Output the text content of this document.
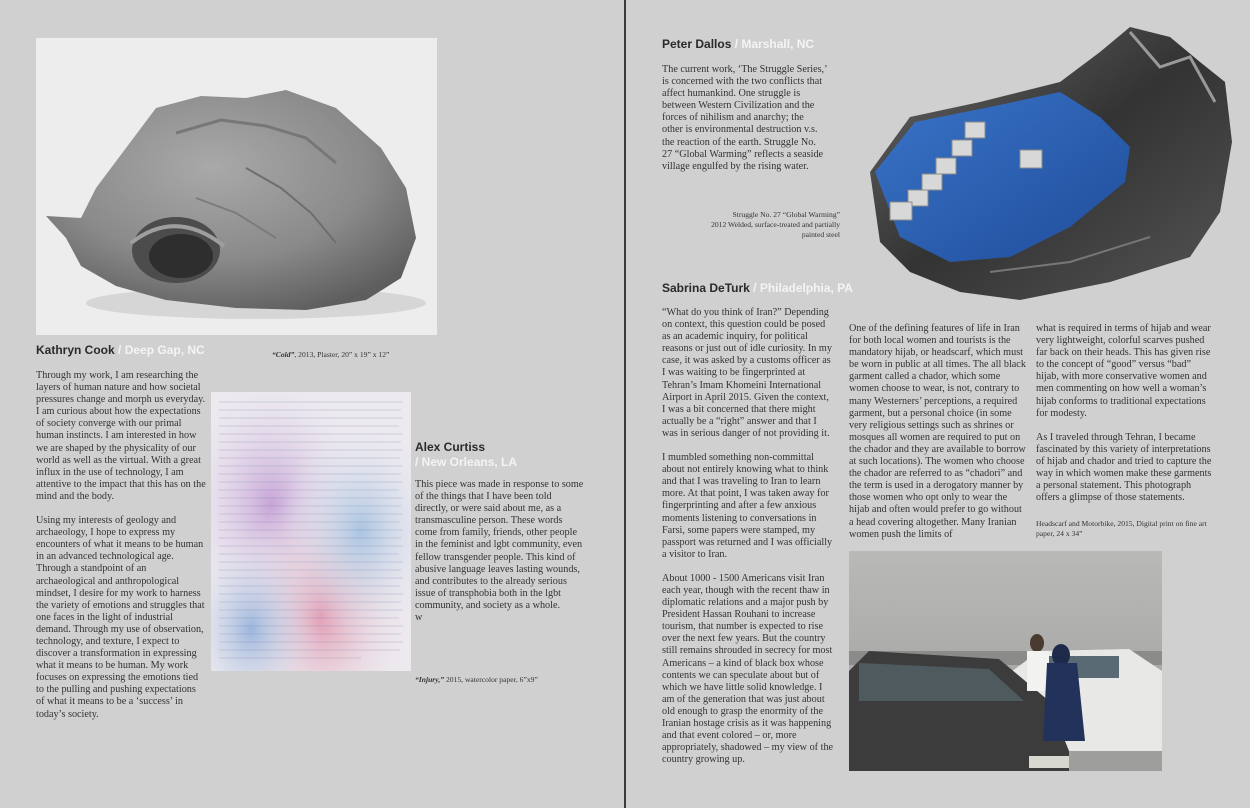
Kathryn Cook / Deep Gap, NC	“Cold”, 2013, Plaster, 20” x 19” x 12”

Through my work, I am researching the layers of human nature and how societal pressures change and morph us everyday. I am curious about how the expectations of society converge with our primal human instincts. I am interested in how we are shaped by the physicality of our world as well as the virtual. With a great influx in the use of technology, I am attentive to the impact that this has on the mind and the body.

Using my interests of geology and archaeology, I hope to express my encounters of what it means to be human in an advanced technological age. Through a standpoint of an archaeological and anthropological mindset, I desire for my work to harness the variety of emotions and struggles that one faces in the light of industrial demand. Through my use of observation, technology, and texture, I expect to discover a transformation in expressing what it means to be human. My work focuses on expressing the emotions tied to the pulling and pushing expectations of what it means to be a ‘success’ in today’s society.

Alex Curtiss
/ New Orleans, LA
This piece was made in response to some of the things that I have been told directly, or were said about me, as a transmasculine person. These words come from family, friends, other people in the feminist and lgbt community, even fellow transgender people. This kind of abusive language leaves lasting wounds, and contributes to the already serious issue of transphobia both in the lgbt community, and society as a whole.
w
“Injury,” 2015, watercolor paper, 6”x9”
Peter Dallos / Marshall, NC
The current work, ‘The Struggle Series,’ is concerned with the two conflicts that affect humankind. One struggle is between Western Civilization and the forces of nihilism and anarchy; the other is environmental destruction v.s. the reaction of the earth. Struggle No. 27 “Global Warming” reflects a seaside village engulfed by the rising water.
Struggle No. 27 “Global Warming”
2012 Welded, surface-treated and partially
painted steel
Sabrina DeTurk / Philadelphia, PA

“What do you think of Iran?” Depending on context, this question could be posed as an academic inquiry, for political reasons or just out of idle curiosity. In my case, it was asked by a customs officer as I was waiting to be fingerprinted at Tehran’s Imam Khomeini International Airport in April 2015. Given the context, I was a bit concerned that there might actually be a “right” answer and that I was in serious danger of not providing it.

I mumbled something non-committal about not entirely knowing what to think and that I was traveling to Iran to learn more. At that point, I was taken away for fingerprinting and after a few anxious moments listening to conversations in Farsi, some papers were stamped, my passport was returned and I was officially a visitor to Iran.

About 1000 - 1500 Americans visit Iran each year, though with the recent thaw in diplomatic relations and a major push by President Hassan Rouhani to increase tourism, that number is expected to rise over the next few years. But the country still remains shrouded in secrecy for most Americans – a kind of black box whose contents we can speculate about but of which we have little solid knowledge. I am of the generation that was just about old enough to grasp the enormity of the Iranian hostage crisis as it was happening and that event colored – or, more appropriately, shadowed – my view of the country growing up.

One of the defining features of life in Iran for both local women and tourists is the mandatory hijab, or headscarf, which must be worn in public at all times. The all black garment called a chador, which some women choose to wear, is not, contrary to many Westerners’ perceptions, a required garment, but a personal choice (in some very religious settings such as shrines or mosques all women are required to put on the chador and they are available to borrow at such locations). The women who choose the chador are referred to as “chadori” and the term is used in a derogatory manner by those women who opt only to wear the hijab and often would prefer to go without a head covering altogether. Many Iranian women push the limits of

what is required in terms of hijab and wear very lightweight, colorful scarves pushed far back on their heads. This has given rise to the concept of “good” versus “bad” hijab, with more conservative women and men commenting on how well a woman’s hijab conforms to traditional expectations for modesty.

As I traveled through Tehran, I became fascinated by this variety of interpretations of hijab and chador and tried to capture the way in which women make these garments a personal statement. This photograph offers a glimpse of those statements.

Headscarf and Motorbike, 2015, Digital print on fine art paper, 24 x 34”
